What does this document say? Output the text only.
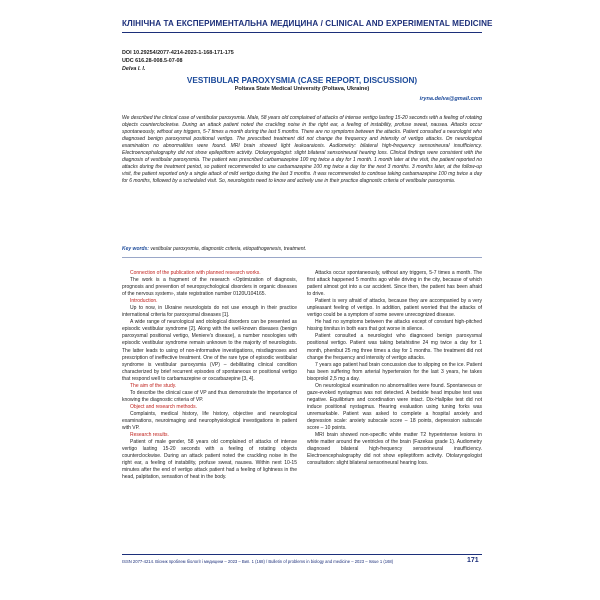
КЛІНІЧНА ТА ЕКСПЕРИМЕНТАЛЬНА МЕДИЦИНА / CLINICAL AND EXPERIMENTAL MEDICINE
DOI 10.29254/2077-4214-2023-1-168-171-175
UDC 616.28-008.5-07-08
Delva I. I.
VESTIBULAR PAROXYSMIA (CASE REPORT, DISCUSSION)
Poltava State Medical University (Poltava, Ukraine)
iryna.delva@gmail.com

We described the clinical case of vestibular paroxysmia. Male, 58 years old complained of attacks of intense vertigo lasting 15-20 seconds with a feeling of rotating objects counterclockwise. During an attack patient noted the crackling noise in the right ear, a feeling of instability, profuse sweat, nausea. Attacks occur spontaneously, without any triggers, 5-7 times a month during the last 5 months. There are no symptoms between the attacks. Patient consulted a neurologist who diagnosed benign paroxysmal positional vertigo. The prescribed treatment did not change the frequency and intensity of vertigo attacks. On neurological examination no abnormalities were found. MRI brain showed light leukoaraiosis. Audiometry: bilateral high-frequency sensorineural insufficiency. Electroencephalography did not show epileptiform activity. Otolaryngologist: slight bilateral sensorineural hearing loss. Clinical findings were consistent with the diagnosis of vestibular paroxysmia. The patient was prescribed carbamazepine 100 mg twice a day for 1 month. 1 month later at the visit, the patient reported no attacks during the treatment period, so patient recommended to use carbamazepine 100 mg twice a day for the next 3 months. 3 months later, at the follow-up visit, the patient reported only a single attack of mild vertigo during the last 3 months. It was recommended to continue taking carbamazepine 100 mg twice a day for 6 months, followed by a scheduled visit. So, neurologists need to know and actively use in their practice diagnostic criteria of vestibular paroxysmia.

Key words: vestibular paroxysmia, diagnostic criteria, etiopathogenesis, treatment.

Connection of the publication with planned research works.

The work is a fragment of the research «Optimization of diagnosis, prognosis and prevention of neuropsychological disorders in organic diseases of the nervous system», state registration number 0120U104165.

Introduction.

Up to now, in Ukraine neurologists do not use enough in their practice international criteria for paroxysmal diseases [1].

A wide range of neurological and otological disorders can be presented as episodic vestibular syndrome [2]. Along with the well-known diseases (benign paroxysmal positional vertigo, Meniere's disease), a number nosologies with episodic vestibular syndrome remain unknown to the majority of neurologists. The latter leads to using of non-informative investigations, misdiagnoses and prescription of ineffective treatment. One of the rare type of episodic vestibular syndrome is vestibular paroxysmia (VP) – debilitating clinical condition characterized by brief recurrent episodes of spontaneous or positional vertigo that respond well to carbamazepine or oxcarbazepine [3, 4].

The aim of the study.

To describe the clinical case of VP and thus demonstrate the importance of knowing the diagnostic criteria of VP.

Object and research methods.

Complaints, medical history, life history, objective and neurological examinations, neuroimaging and neurophysiological investigations in patient with VP.

Research results.

Patient of male gender, 58 years old complained of attacks of intense vertigo lasting 15-20 seconds with a feeling of rotating objects counterclockwise. During an attack patient noted the crackling noise in the right ear, a feeling of instability, profuse sweat, nausea. Within next 10-15 minutes after the end of vertigo attack patient had a feeling of lightness in the head, palpitation, sensation of heat in the body.

Attacks occur spontaneously, without any triggers, 5-7 times a month. The first attack happened 5 months ago while driving in the city, because of which patient almost got into a car accident. Since then, the patient has been afraid to drive.

Patient is very afraid of attacks, because they are accompanied by a very unpleasant feeling of vertigo. In addition, patient worried that the attacks of vertigo could be a symptom of some severe unrecognized disease.

He had no symptoms between the attacks except of constant high-pitched hissing tinnitus in both ears that got worse in silence.

Patient consulted a neurologist who diagnosed benign paroxysmal positional vertigo. Patient was taking betahistine 24 mg twice a day for 1 month, phenibut 25 mg three times a day for 1 months. The treatment did not change the frequency and intensity of vertigo attacks.

7 years ago patient had brain concussion due to slipping on the ice. Patient has been suffering from arterial hypertension for the last 3 years, he takes bisoprolol 2,5 mg a day.

On neurological examination no abnormalities were found. Spontaneous or gaze-evoked nystagmus was not detected. A bedside head impulse test was negative. Equilibrium and coordination were intact. Dix-Hallpike test did not induce positional nystagmus. Hearing evaluation using tuning forks was unremarkable. Patient was asked to complete a hospital anxiety and depression scale: anxiety subscale score – 18 points, depression subscale score – 10 points.

MRI brain showed non-specific white matter T2 hyperintense lesions in white matter around the ventricles of the brain (Fazekas grade 1). Audiometry diagnosed bilateral high-frequency sensorineural insufficiency. Electroencephalography did not show epileptiform activity. Otolaryngologist consultation: slight bilateral sensorineural hearing loss.

ISSN 2077-4214. Вісник проблем біології і медицини – 2023 – Вип. 1 (168) / Bulletin of problems in biology and medicine – 2023 – Issue 1 (168)	171
